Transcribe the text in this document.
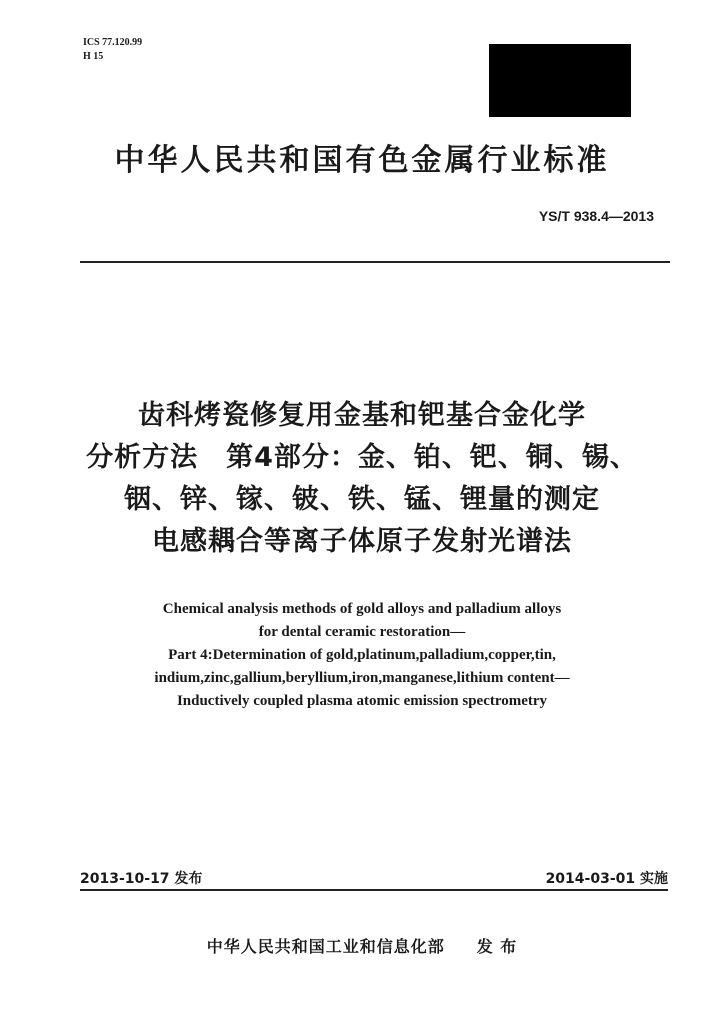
ICS 77.120.99
H 15
中华人民共和国有色金属行业标准
YS/T 938.4—2013
齿科烤瓷修复用金基和钯基合金化学
分析方法　第4部分：金、铂、钯、铜、锡、
铟、锌、镓、铍、铁、锰、锂量的测定
电感耦合等离子体原子发射光谱法
Chemical analysis methods of gold alloys and palladium alloys
for dental ceramic restoration—
Part 4:Determination of gold,platinum,palladium,copper,tin,
indium,zinc,gallium,beryllium,iron,manganese,lithium content—
Inductively coupled plasma atomic emission spectrometry
2013-10-17 发布	2014-03-01 实施
中华人民共和国工业和信息化部 发 布
